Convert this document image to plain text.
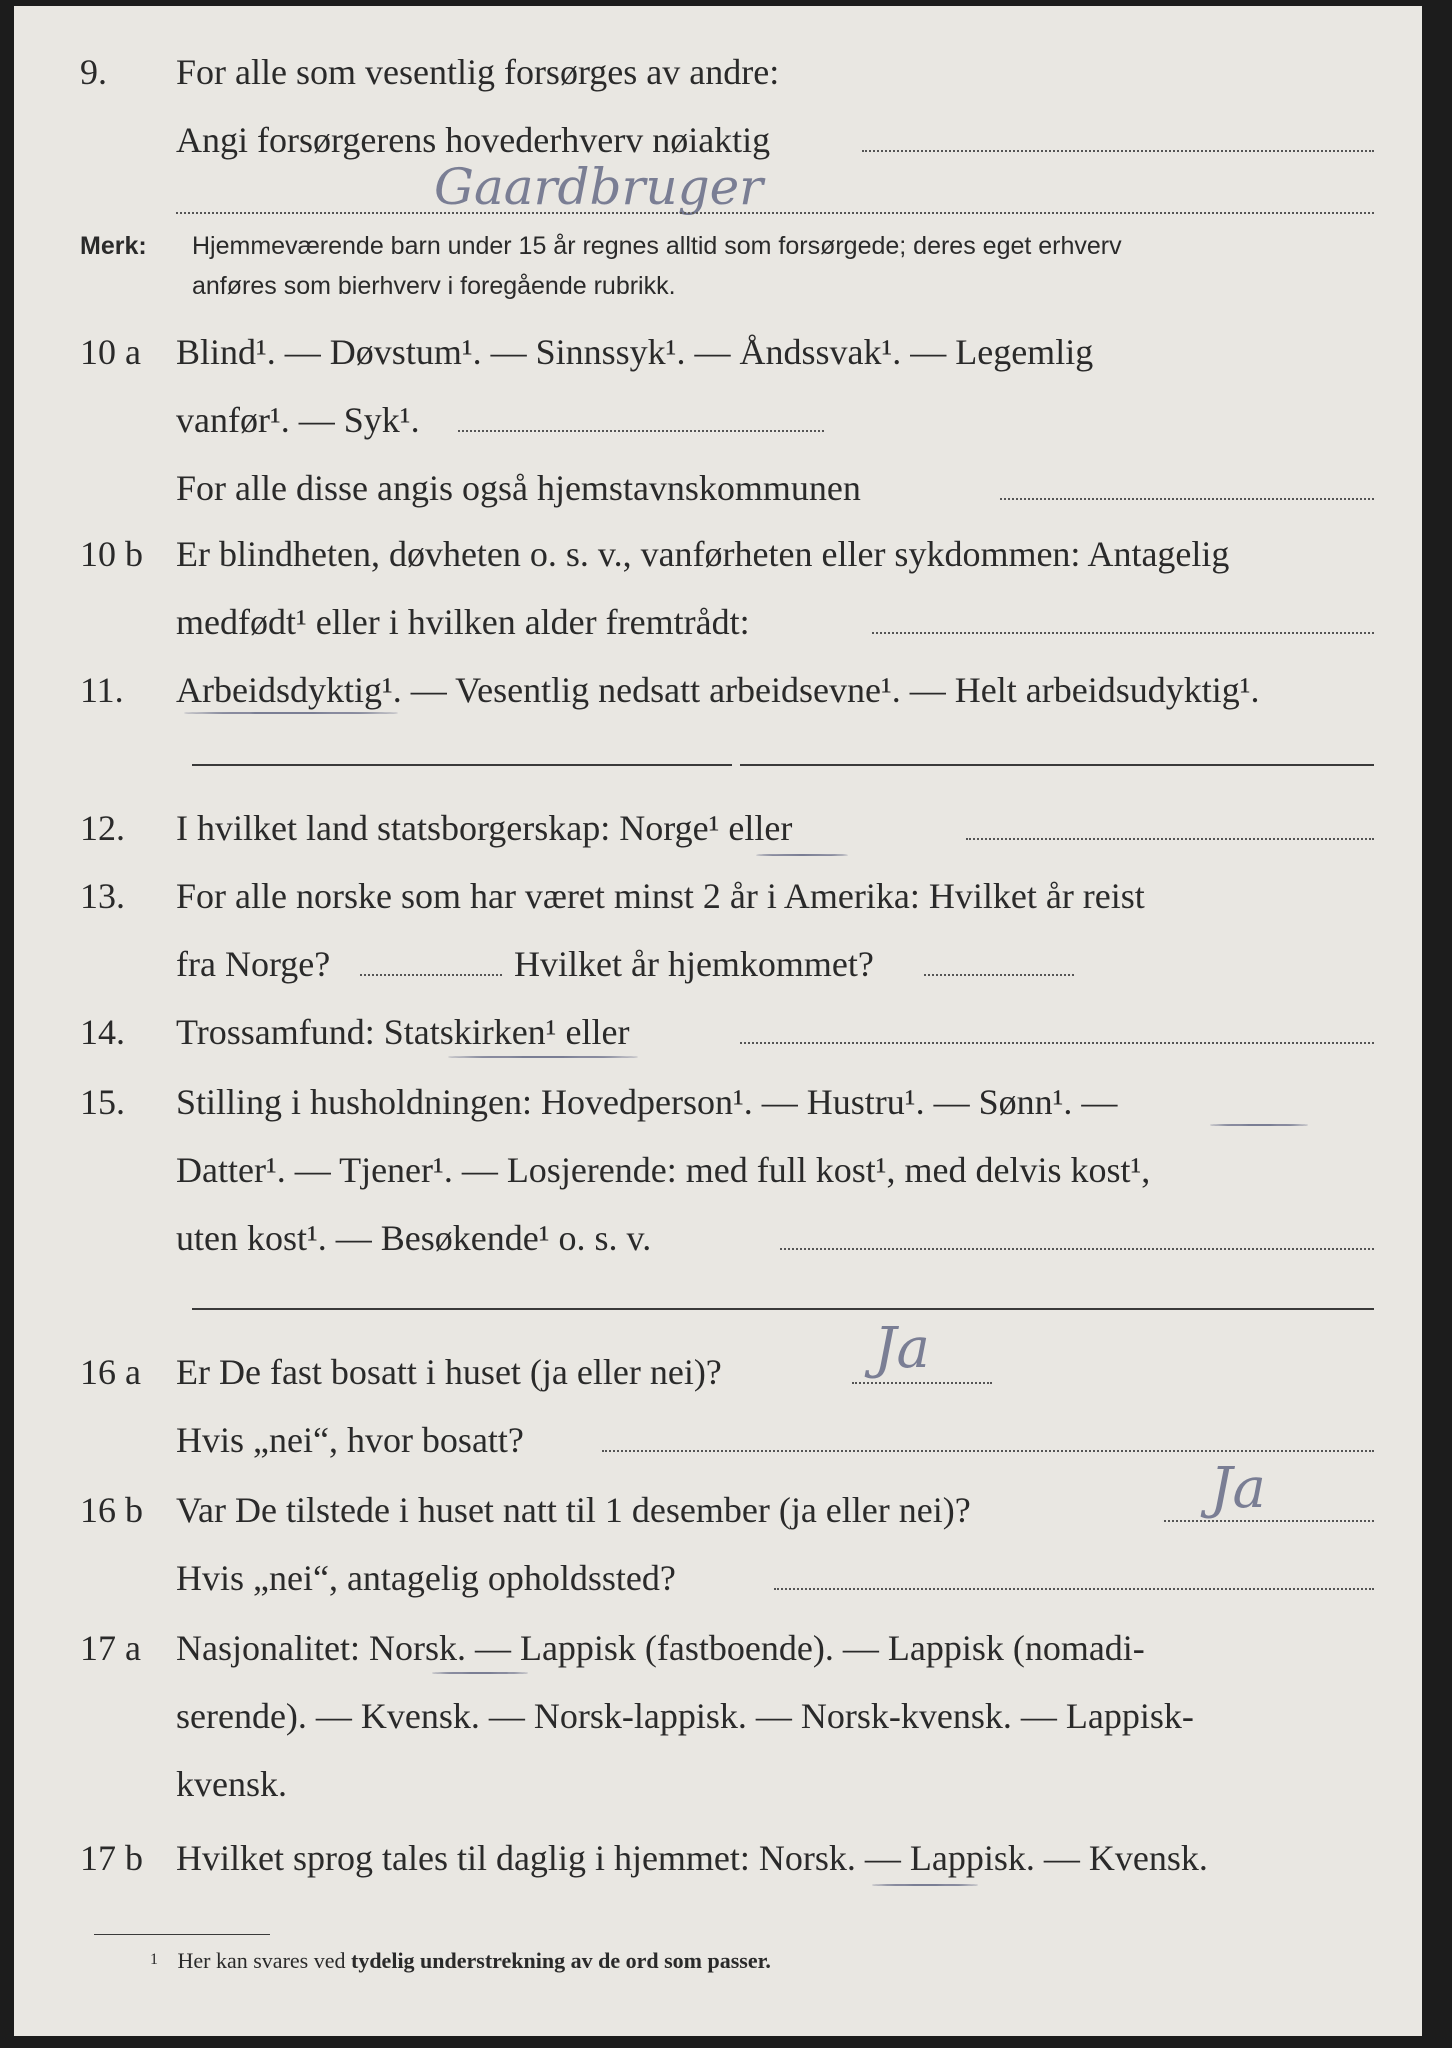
9. For alle som vesentlig forsørges av andre:
Angi forsørgerens hovederhverv nøiaktig
Gaardbruger
Merk: Hjemmeværende barn under 15 år regnes alltid som forsørgede; deres eget erhverv
anføres som bierhverv i foregående rubrikk.
10 a Blind¹. — Døvstum¹. — Sinnssyk¹. — Åndssvak¹. — Legemlig
vanfør¹. — Syk¹.
For alle disse angis også hjemstavnskommunen
10 b Er blindheten, døvheten o. s. v., vanførheten eller sykdommen: Antagelig
medfødt¹ eller i hvilken alder fremtrådt:
11. Arbeidsdyktig¹. — Vesentlig nedsatt arbeidsevne¹. — Helt arbeidsudyktig¹.
12. I hvilket land statsborgerskap: Norge¹ eller
13. For alle norske som har været minst 2 år i Amerika: Hvilket år reist
fra Norge?	Hvilket år hjemkommet?
14. Trossamfund: Statskirken¹ eller
15. Stilling i husholdningen: Hovedperson¹. — Hustru¹. — Sønn¹. —
Datter¹. — Tjener¹. — Losjerende: med full kost¹, med delvis kost¹,
uten kost¹. — Besøkende¹ o. s. v.
16 a Er De fast bosatt i huset (ja eller nei)?	Ja
Hvis „nei“, hvor bosatt?
16 b Var De tilstede i huset natt til 1 desember (ja eller nei)?	Ja
Hvis „nei“, antagelig opholdssted?
17 a Nasjonalitet: Norsk. — Lappisk (fastboende). — Lappisk (nomadi-
serende). — Kvensk. — Norsk-lappisk. — Norsk-kvensk. — Lappisk-
kvensk.
17 b Hvilket sprog tales til daglig i hjemmet: Norsk. — Lappisk. — Kvensk.
1 Her kan svares ved tydelig understrekning av de ord som passer.
